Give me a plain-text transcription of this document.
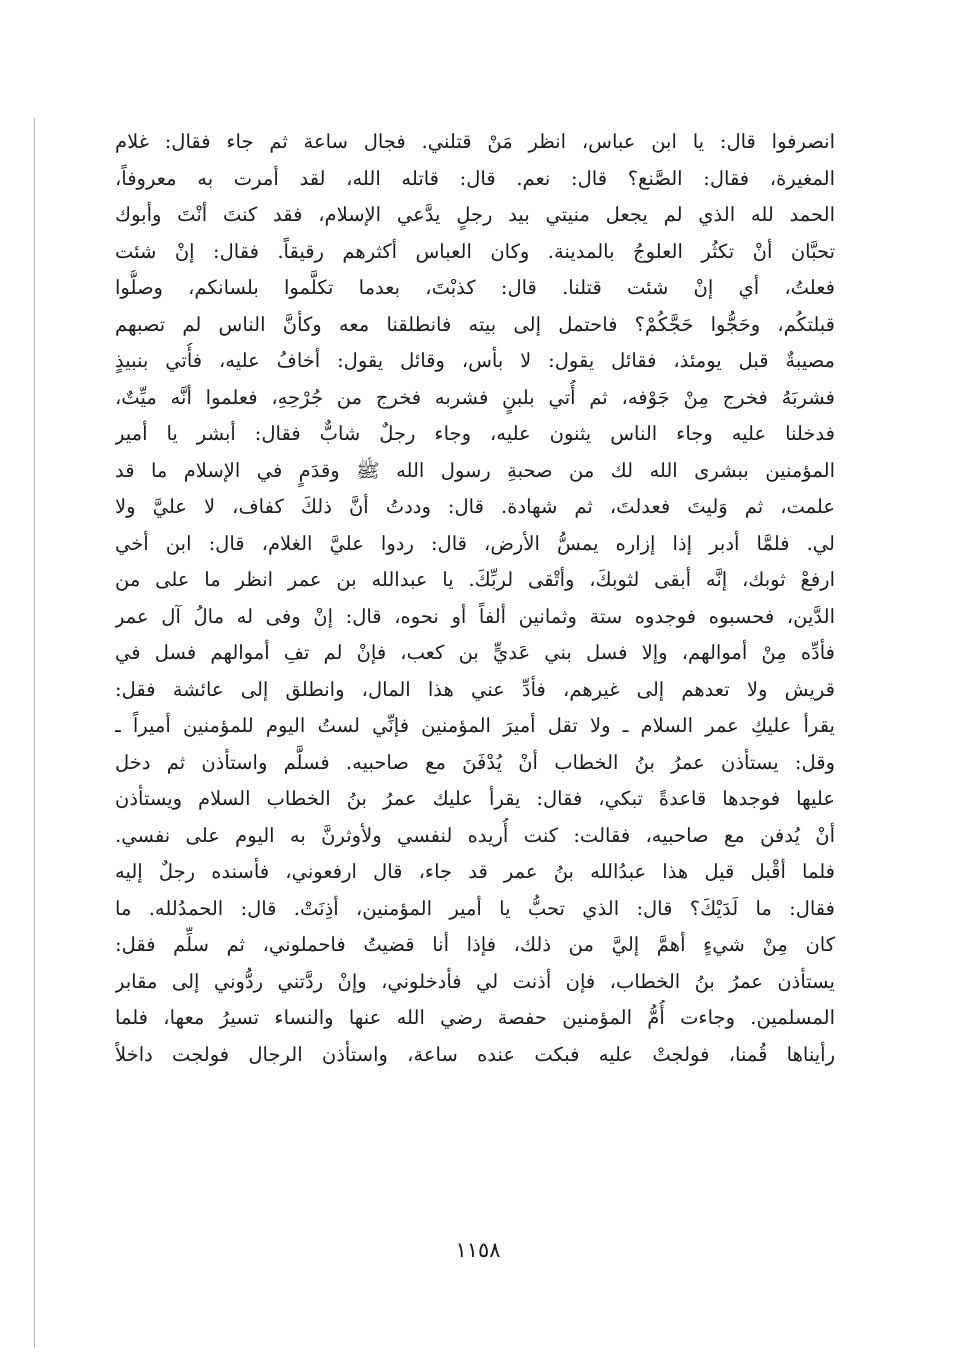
انصرفوا قال: يا ابن عباس، انظر مَنْ قتلني. فجال ساعة ثم جاء فقال: غلام
المغيرة، فقال: الصَّنع؟ قال: نعم. قال: قاتله الله، لقد أمرت به معروفاً،
الحمد لله الذي لم يجعل منيتي بيد رجلٍ يدَّعي الإسلام، فقد كنتَ أنْتَ وأبوك
تحبَّان أنْ تكثُر العلوجُ بالمدينة. وكان العباس أكثرهم رقيقاً. فقال: إنْ شئت
فعلتُ، أي إنْ شئت قتلنا. قال: كذبْتَ، بعدما تكلَّموا بلسانكم، وصلُّوا
قبلتكُم، وحَجُّوا حَجَّكُمْ؟ فاحتمل إلى بيته فانطلقنا معه وكأنَّ الناس لم تصبهم
مصيبةٌ قبل يومئذ، فقائل يقول: لا بأس، وقائل يقول: أخافُ عليه، فأُتي بنبيذٍ
فشربَهُ فخرج مِنْ جَوْفه، ثم أُتي بلبنٍ فشربه فخرج من جُرْحِهِ، فعلموا أنَّه ميِّتٌ،
فدخلنا عليه وجاء الناس يثنون عليه، وجاء رجلٌ شابٌّ فقال: أبشر يا أمير
المؤمنين ببشرى الله لك من صحبةِ رسول الله ﷺ وقدَمٍ في الإسلام ما قد
علمت، ثم وَليتَ فعدلتَ، ثم شهادة. قال: وددتُ أنَّ ذلكَ كفاف، لا عليَّ ولا
لي. فلمَّا أدبر إذا إزاره يمسُّ الأرض، قال: ردوا عليَّ الغلام، قال: ابن أخي
ارفعْ ثوبك، إنَّه أبقى لثوبكَ، وأتْقى لربِّكَ. يا عبدالله بن عمر انظر ما على من
الدَّين، فحسبوه فوجدوه ستة وثمانين ألفاً أو نحوه، قال: إنْ وفى له مالُ آل عمر
فأدِّه مِنْ أموالهم، وإلا فسل بني عَديٍّ بن كعب، فإنْ لم تفِ أموالهم فسل في
قريش ولا تعدهم إلى غيرهم، فأدِّ عني هذا المال، وانطلق إلى عائشة فقل:
يقرأ عليكِ عمر السلام ـ ولا تقل أميرَ المؤمنين فإنِّي لستُ اليوم للمؤمنين أميراً ـ
وقل: يستأذن عمرُ بنُ الخطاب أنْ يُدْفَنَ مع صاحبيه. فسلَّم واستأذن ثم دخل
عليها فوجدها قاعدةً تبكي، فقال: يقرأ عليك عمرُ بنُ الخطاب السلام ويستأذن
أنْ يُدفن مع صاحبيه، فقالت: كنت أُريده لنفسي ولأوثرنَّ به اليوم على نفسي.
فلما أقْبل قيل هذا عبدُالله بنُ عمر قد جاء، قال ارفعوني، فأسنده رجلٌ إليه
فقال: ما لَدَيْكَ؟ قال: الذي تحبُّ يا أمير المؤمنين، أذِنَتْ. قال: الحمدُلله. ما
كان مِنْ شيءٍ أهمَّ إليَّ من ذلك، فإذا أنا قضيتُ فاحملوني، ثم سلِّم فقل:
يستأذن عمرُ بنُ الخطاب، فإن أذنت لي فأدخلوني، وإنْ ردَّتني ردُّوني إلى مقابر
المسلمين. وجاءت أُمُّ المؤمنين حفصة رضي الله عنها والنساء تسيرُ معها، فلما
رأيناها قُمنا، فولجتْ عليه فبكت عنده ساعة، واستأذن الرجال فولجت داخلاً
١١٥٨
